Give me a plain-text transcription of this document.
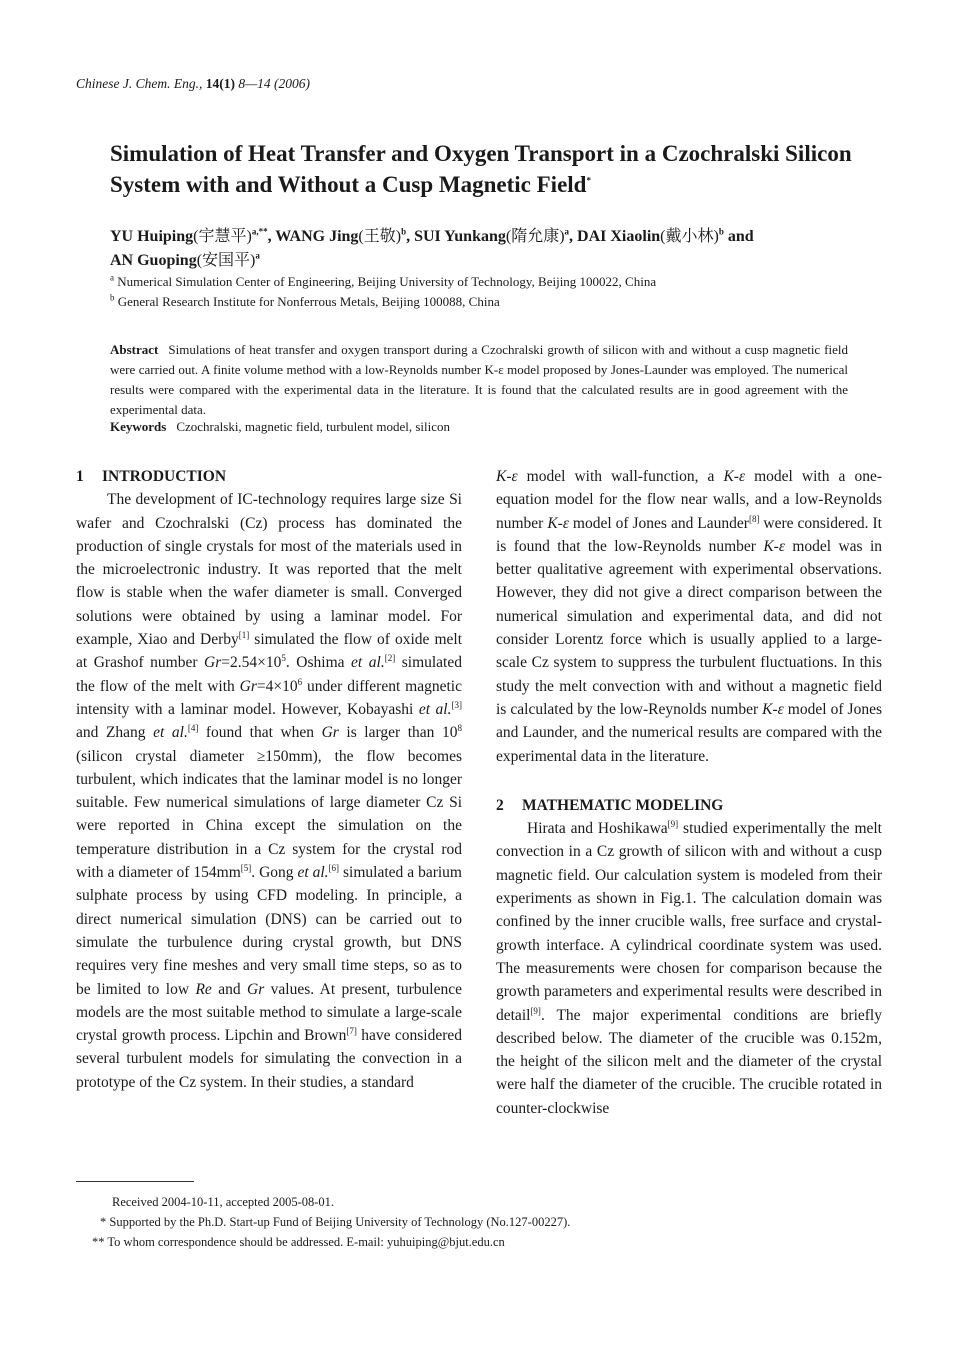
Chinese J. Chem. Eng., 14(1) 8—14 (2006)
Simulation of Heat Transfer and Oxygen Transport in a Czochralski Silicon System with and Without a Cusp Magnetic Field*
YU Huiping(宇慧平)$^{a,**}$, WANG Jing(王敬)$^b$, SUI Yunkang(隋允康)$^a$, DAI Xiaolin(戴小林)$^b$ and
AN Guoping(安国平)$^a$
$^a$ Numerical Simulation Center of Engineering, Beijing University of Technology, Beijing 100022, China
$^b$ General Research Institute for Nonferrous Metals, Beijing 100088, China
Abstract Simulations of heat transfer and oxygen transport during a Czochralski growth of silicon with and without a cusp magnetic field were carried out. A finite volume method with a low-Reynolds number K-ε model proposed by Jones-Launder was employed. The numerical results were compared with the experimental data in the literature. It is found that the calculated results are in good agreement with the experimental data.
Keywords Czochralski, magnetic field, turbulent model, silicon

1 INTRODUCTION

The development of IC-technology requires large size Si wafer and Czochralski (Cz) process has dominated the production of single crystals for most of the materials used in the microelectronic industry. It was reported that the melt flow is stable when the wafer diameter is small. Converged solutions were obtained by using a laminar model. For example, Xiao and Derby[1] simulated the flow of oxide melt at Grashof number $Gr=2.54\times 10^5$. Oshima et al.[2] simulated the flow of the melt with $Gr=4\times 10^6$ under different magnetic intensity with a laminar model. However, Kobayashi et al.[3] and Zhang et al.[4] found that when Gr is larger than $10^8$ (silicon crystal diameter ≥150mm), the flow becomes turbulent, which indicates that the laminar model is no longer suitable. Few numerical simulations of large diameter Cz Si were reported in China except the simulation on the temperature distribution in a Cz system for the crystal rod with a diameter of 154mm[5]. Gong et al.[6] simulated a barium sulphate process by using CFD modeling. In principle, a direct numerical simulation (DNS) can be carried out to simulate the turbulence during crystal growth, but DNS requires very fine meshes and very small time steps, so as to be limited to low Re and Gr values. At present, turbulence models are the most suitable method to simulate a large-scale crystal growth process. Lipchin and Brown[7] have considered several turbulent models for simulating the convection in a prototype of the Cz system. In their studies, a standard

K-ε model with wall-function, a K-ε model with a one-equation model for the flow near walls, and a low-Reynolds number K-ε model of Jones and Launder[8] were considered. It is found that the low-Reynolds number K-ε model was in better qualitative agreement with experimental observations. However, they did not give a direct comparison between the numerical simulation and experimental data, and did not consider Lorentz force which is usually applied to a large-scale Cz system to suppress the turbulent fluctuations. In this study the melt convection with and without a magnetic field is calculated by the low-Reynolds number K-ε model of Jones and Launder, and the numerical results are compared with the experimental data in the literature.

2 MATHEMATIC MODELING

Hirata and Hoshikawa[9] studied experimentally the melt convection in a Cz growth of silicon with and without a cusp magnetic field. Our calculation system is modeled from their experiments as shown in Fig.1. The calculation domain was confined by the inner crucible walls, free surface and crystal-growth interface. A cylindrical coordinate system was used. The measurements were chosen for comparison because the growth parameters and experimental results were described in detail[9]. The major experimental conditions are briefly described below. The diameter of the crucible was 0.152m, the height of the silicon melt and the diameter of the crystal were half the diameter of the crucible. The crucible rotated in counter-clockwise

Received 2004-10-11, accepted 2005-08-01.
* Supported by the Ph.D. Start-up Fund of Beijing University of Technology (No.127-00227).
** To whom correspondence should be addressed. E-mail: yuhuiping@bjut.edu.cn
